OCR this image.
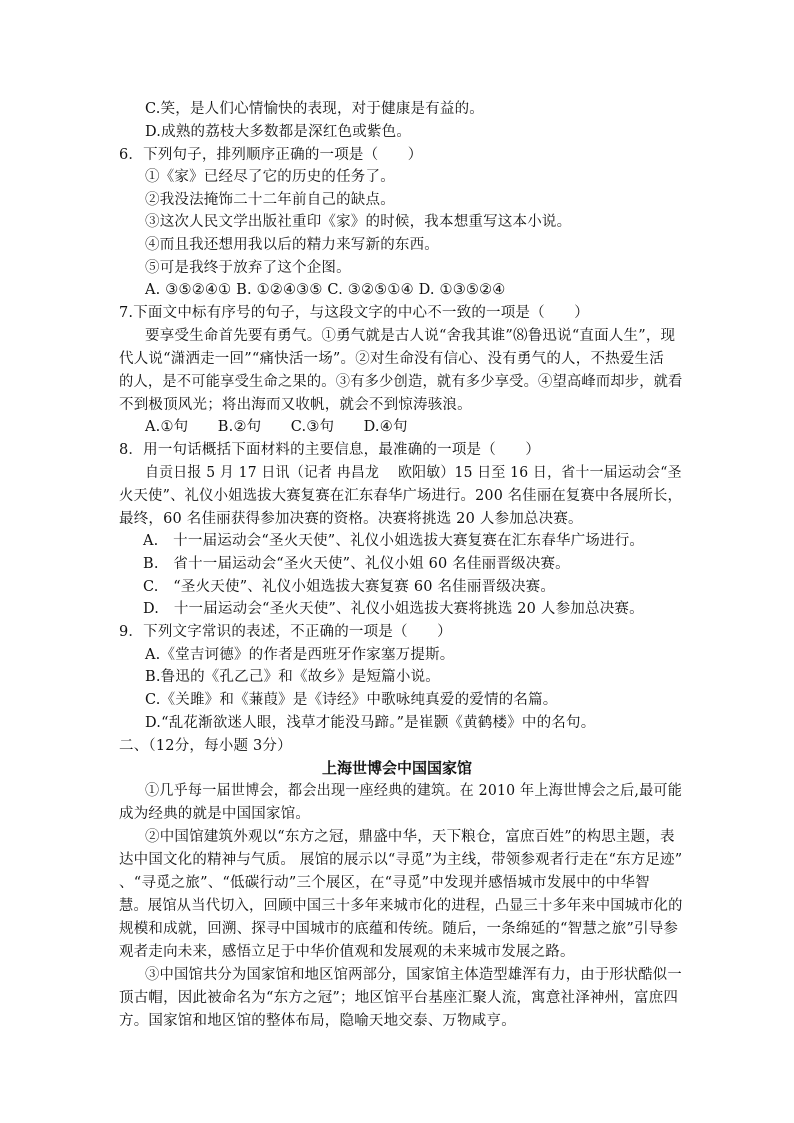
C.笑，是人们心情愉快的表现，对于健康是有益的。
D.成熟的荔枝大多数都是深红色或紫色。
6．下列句子，排列顺序正确的一项是（　　）
①《家》已经尽了它的历史的任务了。
②我没法掩饰二十二年前自己的缺点。
③这次人民文学出版社重印《家》的时候，我本想重写这本小说。
④而且我还想用我以后的精力来写新的东西。
⑤可是我终于放弃了这个企图。
A. ③⑤②④① B. ①②④③⑤ C. ③②⑤①④ D. ①③⑤②④
7.下面文中标有序号的句子，与这段文字的中心不一致的一项是（　　）
要享受生命首先要有勇气。①勇气就是古人说“舍我其谁”⑻鲁迅说“直面人生”，现
代人说“潇洒走一回”“痛快活一场”。②对生命没有信心、没有勇气的人，不热爱生活
的人，是不可能享受生命之果的。③有多少创造，就有多少享受。④望高峰而却步，就看
不到极顶风光；将出海而又收帆，就会不到惊涛骇浪。
A.①句　　B.②句　　C.③句　　D.④句
8．用一句话概括下面材料的主要信息，最准确的一项是（　　）
自贡日报 5 月 17 日讯（记者 冉昌龙　 欧阳敏）15 日至 16 日，省十一届运动会“圣
火天使”、礼仪小姐选拔大赛复赛在汇东春华广场进行。200 名佳丽在复赛中各展所长，
最终，60 名佳丽获得参加决赛的资格。决赛将挑选 20 人参加总决赛。
A.　十一届运动会“圣火天使”、礼仪小姐选拔大赛复赛在汇东春华广场进行。
B.　省十一届运动会“圣火天使”、礼仪小姐 60 名佳丽晋级决赛。
C.　“圣火天使”、礼仪小姐选拔大赛复赛 60 名佳丽晋级决赛。
D.　十一届运动会“圣火天使”、礼仪小姐选拔大赛将挑选 20 人参加总决赛。
9．下列文字常识的表述，不正确的一项是（　　）
A.《堂吉诃德》的作者是西班牙作家塞万提斯。
B.鲁迅的《孔乙己》和《故乡》是短篇小说。
C.《关雎》和《蒹葭》是《诗经》中歌咏纯真爱的爱情的名篇。
D.“乱花渐欲迷人眼，浅草才能没马蹄。”是崔颢《黄鹤楼》中的名句。
二、（12分，每小题 3分）
上海世博会中国国家馆
①几乎每一届世博会，都会出现一座经典的建筑。在 2010 年上海世博会之后,最可能
成为经典的就是中国国家馆。
②中国馆建筑外观以“东方之冠，鼎盛中华，天下粮仓，富庶百姓”的构思主题，表
达中国文化的精神与气质。 展馆的展示以“寻觅”为主线，带领参观者行走在“东方足迹”
、“寻觅之旅”、“低碳行动”三个展区，在“寻觅”中发现并感悟城市发展中的中华智
慧。展馆从当代切入，回顾中国三十多年来城市化的进程，凸显三十多年来中国城市化的
规模和成就，回溯、探寻中国城市的底蕴和传统。随后，一条绵延的“智慧之旅”引导参
观者走向未来，感悟立足于中华价值观和发展观的未来城市发展之路。
③中国馆共分为国家馆和地区馆两部分，国家馆主体造型雄浑有力，由于形状酷似一
顶古帽，因此被命名为“东方之冠”；地区馆平台基座汇聚人流，寓意社泽神州，富庶四
方。国家馆和地区馆的整体布局，隐喻天地交泰、万物咸亨。
